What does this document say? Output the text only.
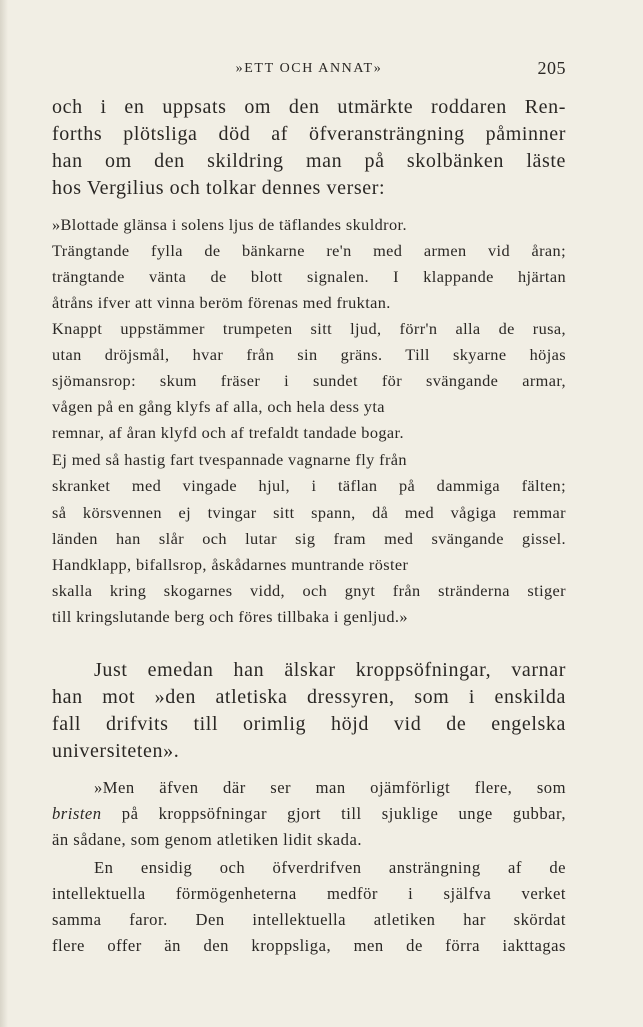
»ETT OCH ANNAT»	205
och i en uppsats om den utmärkte roddaren Ren-
forths plötsliga död af öfveransträngning påminner
han om den skildring man på skolbänken läste
hos Vergilius och tolkar dennes verser:
»Blottade glänsa i solens ljus de täflandes skuldror.
Trängtande fylla de bänkarne re'n med armen vid åran;
trängtande vänta de blott signalen. I klappande hjärtan
åtråns ifver att vinna beröm förenas med fruktan.
Knappt uppstämmer trumpeten sitt ljud, förr'n alla de rusa,
utan dröjsmål, hvar från sin gräns. Till skyarne höjas
sjömansrop: skum fräser i sundet för svängande armar,
vågen på en gång klyfs af alla, och hela dess yta
remnar, af åran klyfd och af trefaldt tandade bogar.
Ej med så hastig fart tvespannade vagnarne fly från
skranket med vingade hjul, i täflan på dammiga fälten;
så körsvennen ej tvingar sitt spann, då med vågiga remmar
länden han slår och lutar sig fram med svängande gissel.
Handklapp, bifallsrop, åskådarnes muntrande röster
skalla kring skogarnes vidd, och gnyt från stränderna stiger
till kringslutande berg och föres tillbaka i genljud.»
Just emedan han älskar kroppsöfningar, varnar
han mot »den atletiska dressyren, som i enskilda
fall drifvits till orimlig höjd vid de engelska
universiteten».
»Men äfven där ser man ojämförligt flere, som
bristen på kroppsöfningar gjort till sjuklige unge gubbar,
än sådane, som genom atletiken lidit skada.
En ensidig och öfverdrifven ansträngning af de
intellektuella förmögenheterna medför i själfva verket
samma faror. Den intellektuella atletiken har skördat
flere offer än den kroppsliga, men de förra iakttagas
